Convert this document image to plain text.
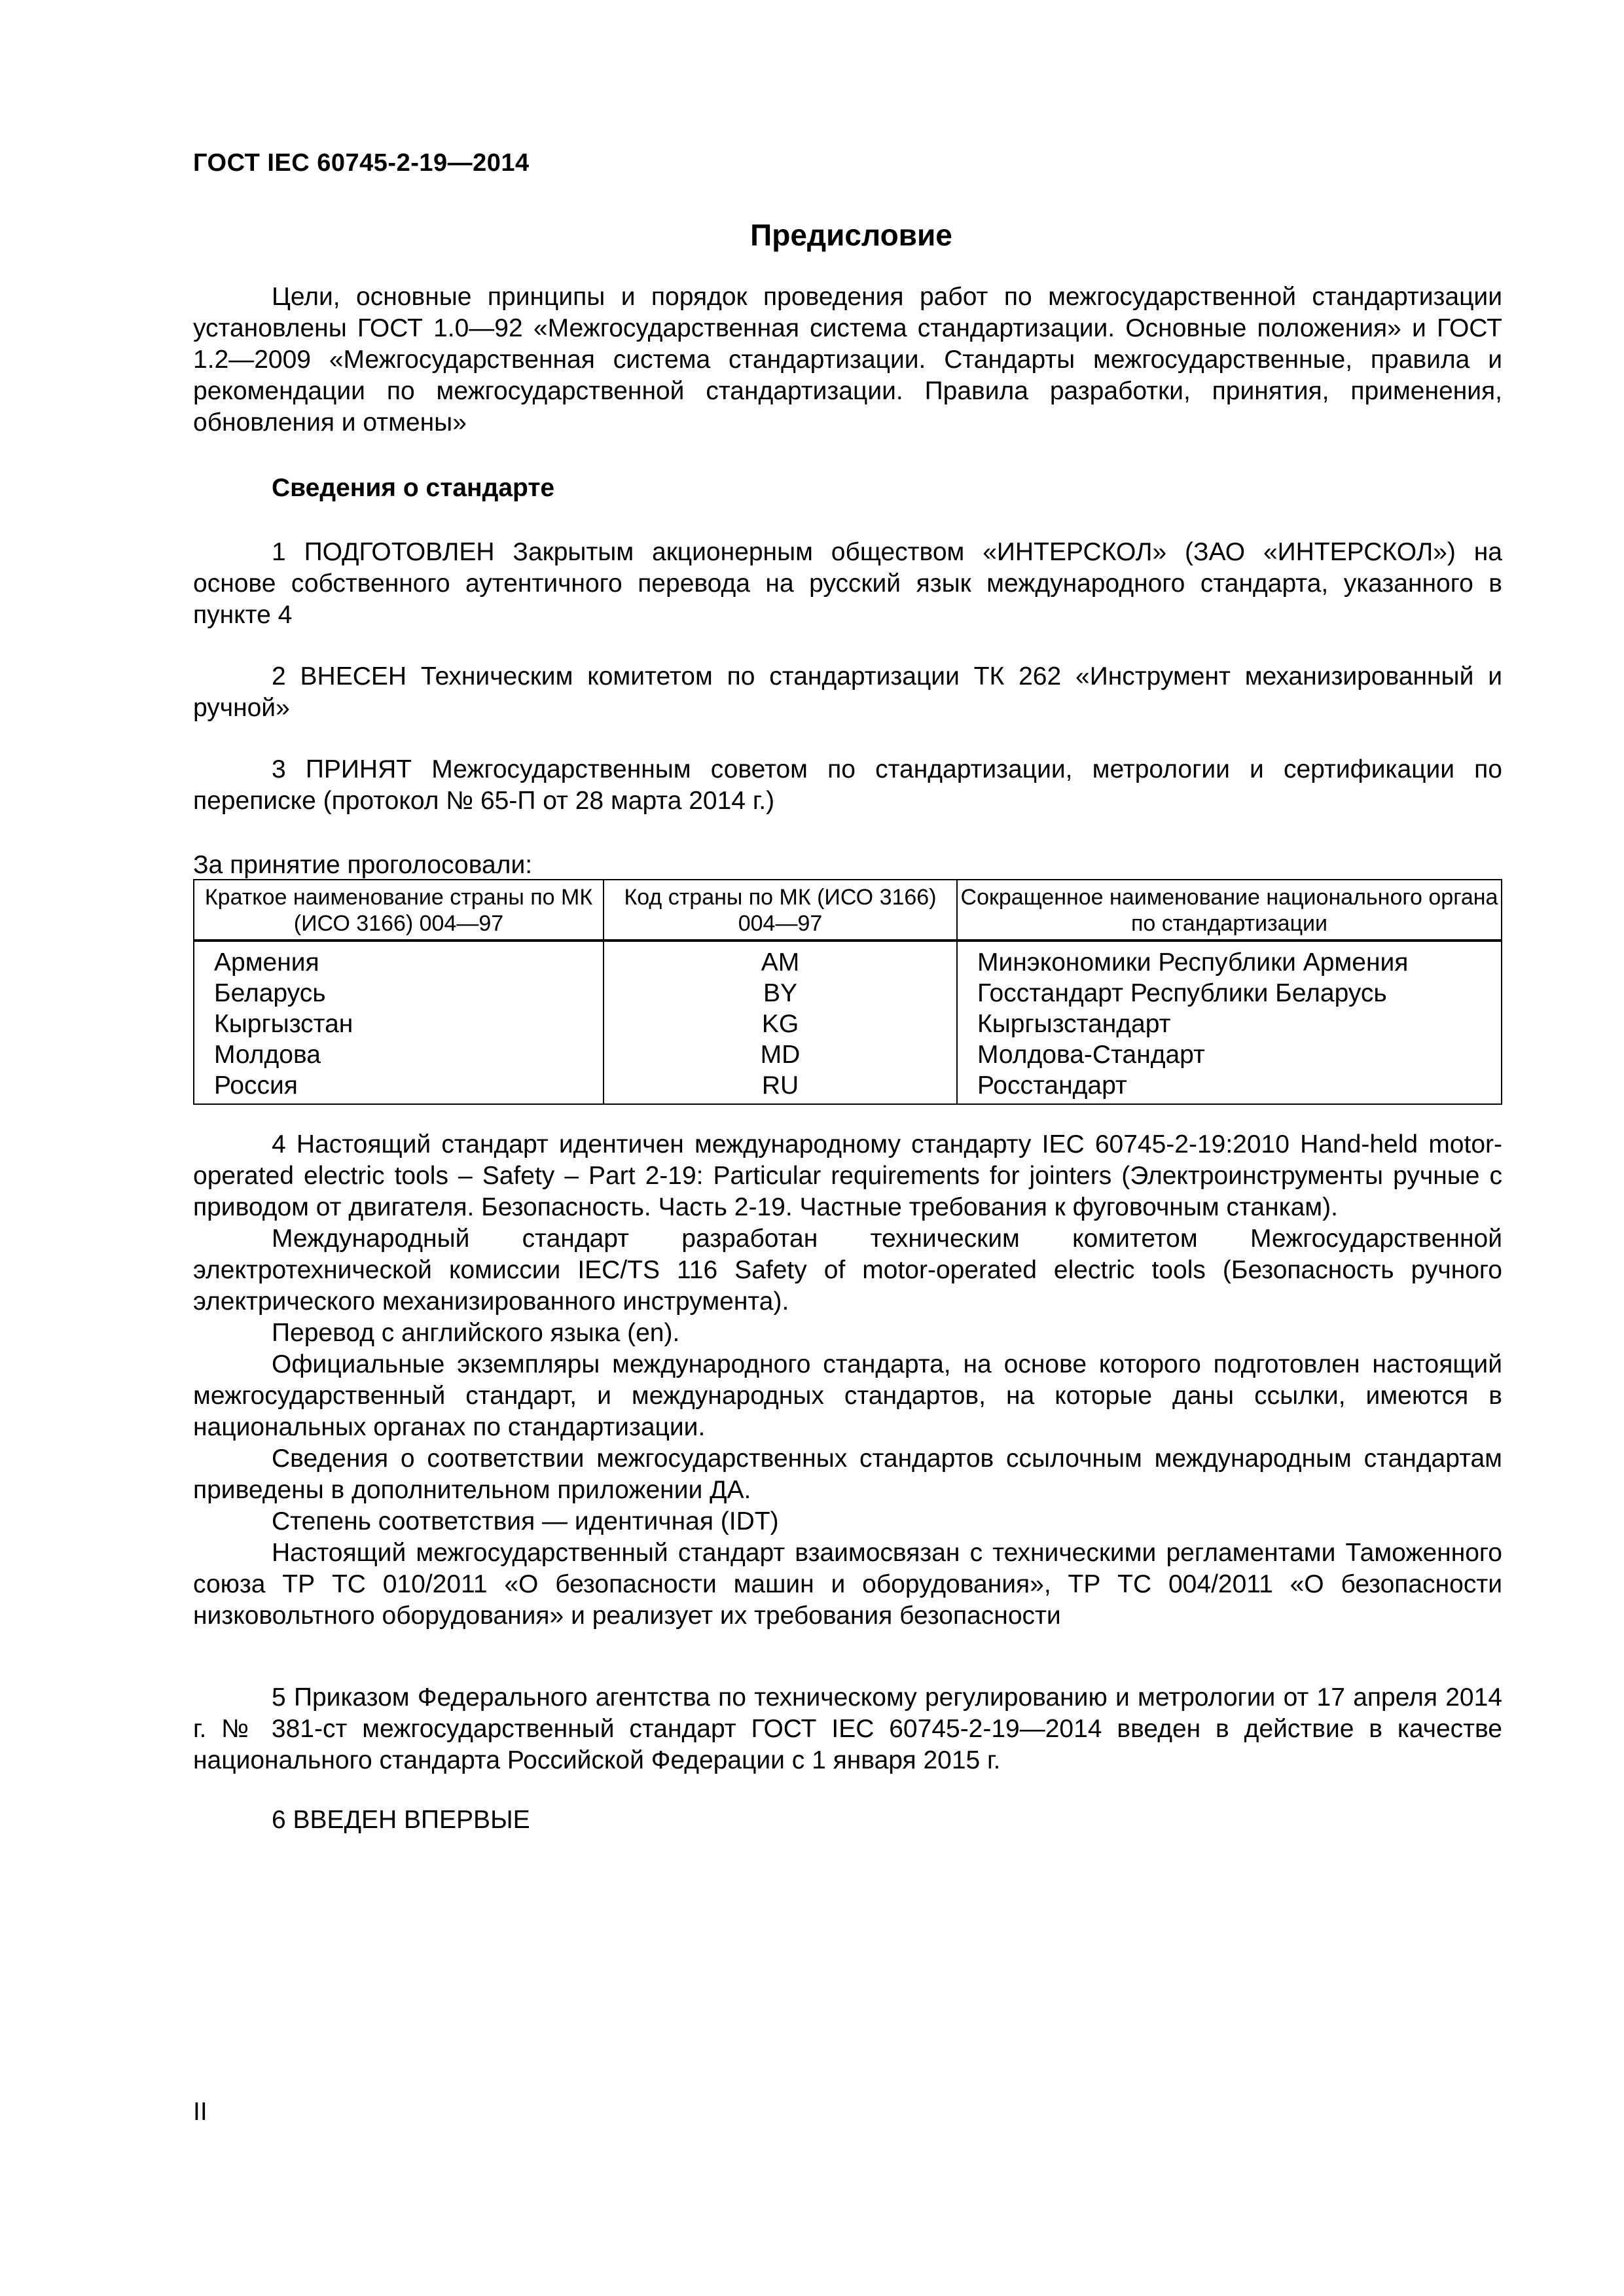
ГОСТ IEC 60745-2-19—2014
Предисловие

Цели, основные принципы и порядок проведения работ по межгосударственной стандартизации установлены ГОСТ 1.0—92 «Межгосударственная система стандартизации. Основные положения» и ГОСТ 1.2—2009 «Межгосударственная система стандартизации. Стандарты межгосударственные, правила и рекомендации по межгосударственной стандартизации. Правила разработки, принятия, применения, обновления и отмены»

Сведения о стандарте

1 ПОДГОТОВЛЕН Закрытым акционерным обществом «ИНТЕРСКОЛ» (ЗАО «ИНТЕРСКОЛ») на основе собственного аутентичного перевода на русский язык международного стандарта, указанного в пункте 4

2 ВНЕСЕН Техническим комитетом по стандартизации ТК 262 «Инструмент механизированный и ручной»

3 ПРИНЯТ Межгосударственным советом по стандартизации, метрологии и сертификации по переписке (протокол № 65-П от 28 марта 2014 г.)

За принятие проголосовали:
Краткое наименование страны по МК (ИСО 3166) 004—97	Код страны по МК (ИСО 3166) 004—97	Сокращенное наименование национального органа по стандартизации
Армения	AM	Минэкономики Республики Армения
Беларусь	BY	Госстандарт Республики Беларусь
Кыргызстан	KG	Кыргызстандарт
Молдова	MD	Молдова-Стандарт
Россия	RU	Росстандарт

4 Настоящий стандарт идентичен международному стандарту IEC 60745-2-19:2010 Hand-held motor-operated electric tools – Safety – Part 2-19: Particular requirements for jointers (Электроинструменты ручные с приводом от двигателя. Безопасность. Часть 2-19. Частные требования к фуговочным станкам).

Международный стандарт разработан техническим комитетом Межгосударственной электротехнической комиссии IEC/TS 116 Safety of motor-operated electric tools (Безопасность ручного электрического механизированного инструмента).

Перевод с английского языка (en).

Официальные экземпляры международного стандарта, на основе которого подготовлен настоящий межгосударственный стандарт, и международных стандартов, на которые даны ссылки, имеются в национальных органах по стандартизации.

Сведения о соответствии межгосударственных стандартов ссылочным международным стандартам приведены в дополнительном приложении ДА.

Степень соответствия — идентичная (IDT)

Настоящий межгосударственный стандарт взаимосвязан с техническими регламентами Таможенного союза ТР ТС 010/2011 «О безопасности машин и оборудования», ТР ТС 004/2011 «О безопасности низковольтного оборудования» и реализует их требования безопасности

5 Приказом Федерального агентства по техническому регулированию и метрологии от 17 апреля 2014 г. № 381-ст межгосударственный стандарт ГОСТ IEC 60745-2-19—2014 введен в действие в качестве национального стандарта Российской Федерации с 1 января 2015 г.

6 ВВЕДЕН ВПЕРВЫЕ

II
